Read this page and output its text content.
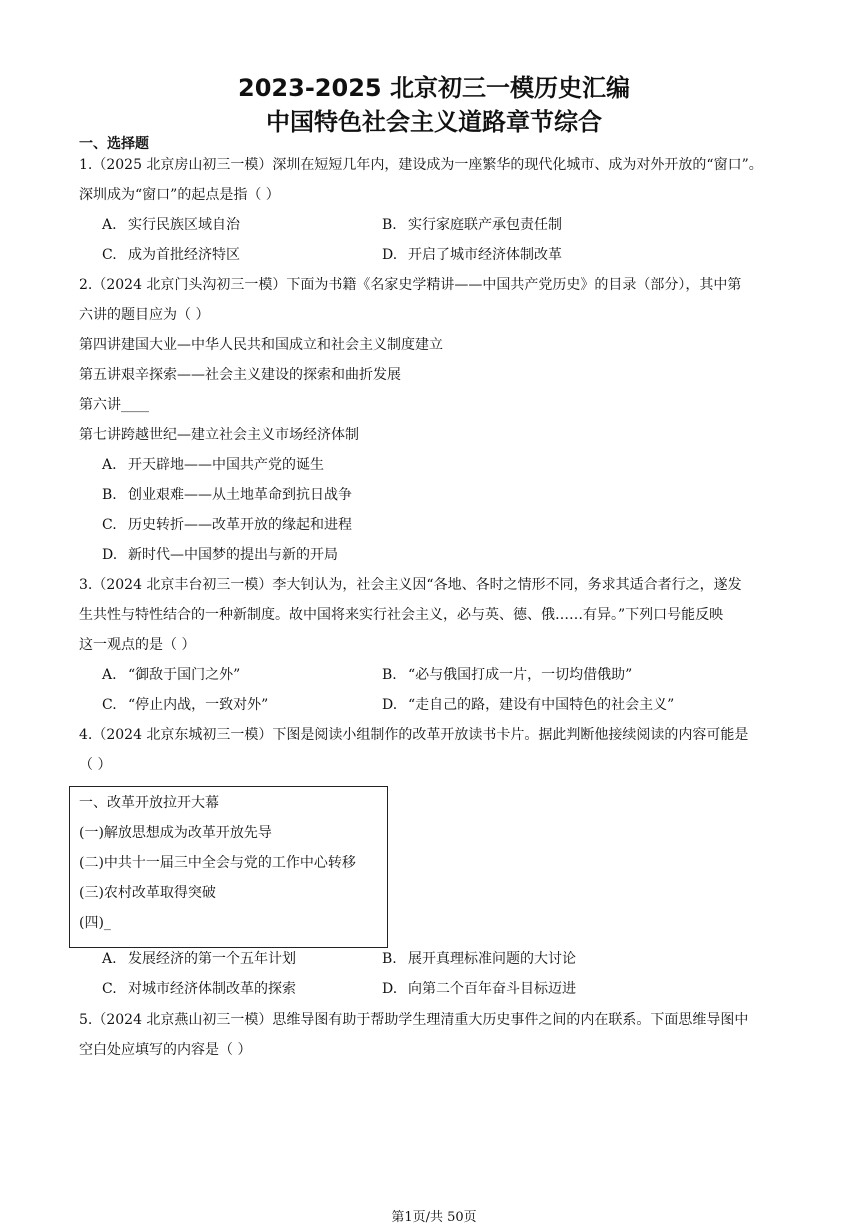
2023-2025 北京初三一模历史汇编
中国特色社会主义道路章节综合
一、选择题
1.（2025 北京房山初三一模）深圳在短短几年内，建设成为一座繁华的现代化城市、成为对外开放的“窗口”。
深圳成为“窗口”的起点是指（ ）
A. 实行民族区域自治	B. 实行家庭联产承包责任制
C. 成为首批经济特区	D. 开启了城市经济体制改革
2.（2024 北京门头沟初三一模）下面为书籍《名家史学精讲——中国共产党历史》的目录（部分），其中第
六讲的题目应为（ ）
第四讲建国大业—中华人民共和国成立和社会主义制度建立
第五讲艰辛探索——社会主义建设的探索和曲折发展
第六讲____
第七讲跨越世纪—建立社会主义市场经济体制
A. 开天辟地——中国共产党的诞生
B. 创业艰难——从土地革命到抗日战争
C. 历史转折——改革开放的缘起和进程
D. 新时代—中国梦的提出与新的开局
3.（2024 北京丰台初三一模）李大钊认为，社会主义因“各地、各时之情形不同，务求其适合者行之，遂发
生共性与特性结合的一种新制度。故中国将来实行社会主义，必与英、德、俄……有异。”下列口号能反映
这一观点的是（ ）
A. “御敌于国门之外”	B. “必与俄国打成一片，一切均借俄助”
C. “停止内战，一致对外”	D. “走自己的路，建设有中国特色的社会主义”
4.（2024 北京东城初三一模）下图是阅读小组制作的改革开放读书卡片。据此判断他接续阅读的内容可能是
（ ）
一、改革开放拉开大幕
(一)解放思想成为改革开放先导
(二)中共十一届三中全会与党的工作中心转移
(三)农村改革取得突破
(四)_
A. 发展经济的第一个五年计划	B. 展开真理标准问题的大讨论
C. 对城市经济体制改革的探索	D. 向第二个百年奋斗目标迈进
5.（2024 北京燕山初三一模）思维导图有助于帮助学生理清重大历史事件之间的内在联系。下面思维导图中
空白处应填写的内容是（ ）
第1页/共 50页
